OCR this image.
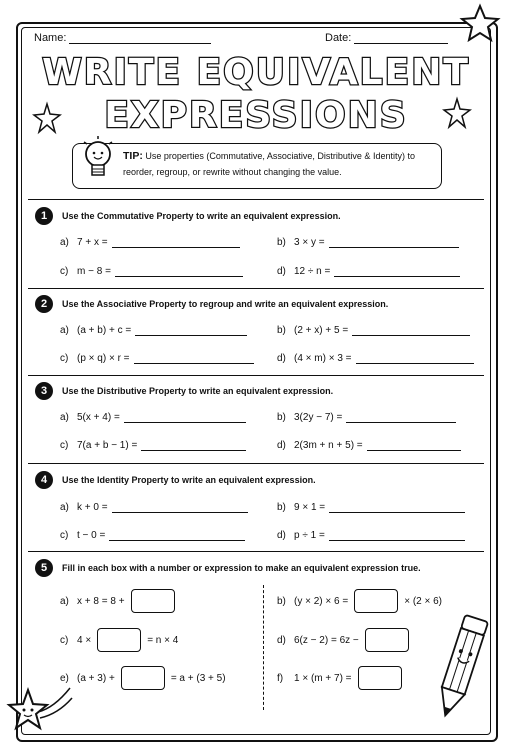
Name:	Date:
WRITE EQUIVALENT
EXPRESSIONS
TIP: Use properties (Commutative, Associative, Distributive & Identity) to reorder, regroup, or rewrite without changing the value.
1	Use the Commutative Property to write an equivalent expression.
a) 7 + x =	b) 3 × y =
c) m − 8 =	d) 12 ÷ n =
2	Use the Associative Property to regroup and write an equivalent expression.
a) (a + b) + c =	b) (2 + x) + 5 =
c) (p × q) × r =	d) (4 × m) × 3 =
3	Use the Distributive Property to write an equivalent expression.
a) 5(x + 4) =	b) 3(2y − 7) =
c) 7(a + b − 1) =	d) 2(3m + n + 5) =
4	Use the Identity Property to write an equivalent expression.
a) k + 0 =	b) 9 × 1 =
c) t − 0 =	d) p ÷ 1 =
5	Fill in each box with a number or expression to make an equivalent expression true.
a) x + 8 = 8 +	b) (y × 2) × 6 =	× (2 × 6)
c) 4 ×	= n × 4	d) 6(z − 2) = 6z −
e) (a + 3) +	= a + (3 + 5)	f)	1 × (m + 7) =
